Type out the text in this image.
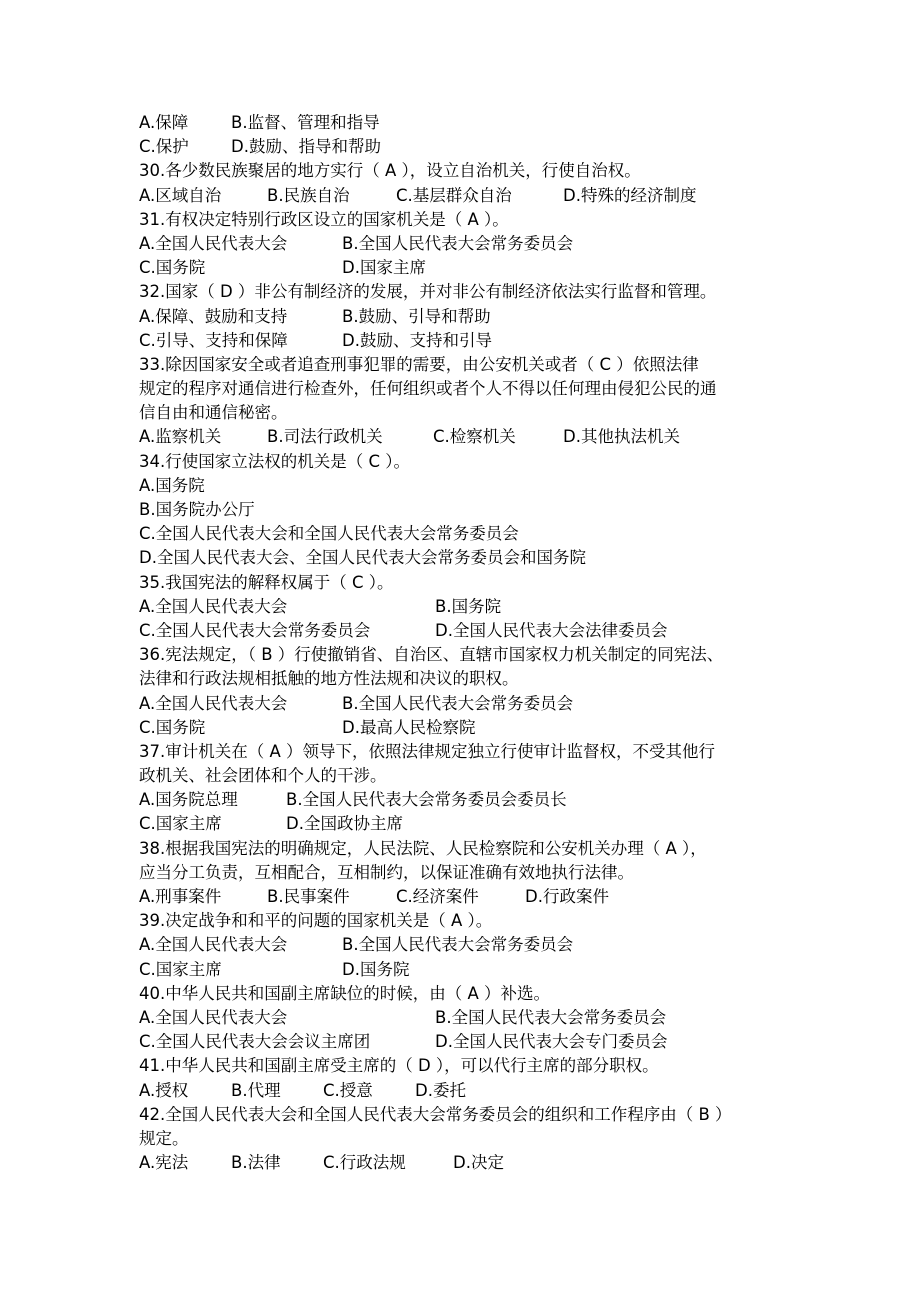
A.保障	B.监督、管理和指导
C.保护	D.鼓励、指导和帮助
30.各少数民族聚居的地方实行（ A ），设立自治机关，行使自治权。
A.区域自治	B.民族自治	C.基层群众自治	D.特殊的经济制度
31.有权决定特别行政区设立的国家机关是（ A ）。
A.全国人民代表大会	B.全国人民代表大会常务委员会
C.国务院	D.国家主席
32.国家（ D ）非公有制经济的发展，并对非公有制经济依法实行监督和管理。
A.保障、鼓励和支持	B.鼓励、引导和帮助
C.引导、支持和保障	D.鼓励、支持和引导
33.除因国家安全或者追查刑事犯罪的需要，由公安机关或者（ C ）依照法律
规定的程序对通信进行检查外，任何组织或者个人不得以任何理由侵犯公民的通
信自由和通信秘密。
A.监察机关	B.司法行政机关	C.检察机关	D.其他执法机关
34.行使国家立法权的机关是（ C ）。
A.国务院
B.国务院办公厅
C.全国人民代表大会和全国人民代表大会常务委员会
D.全国人民代表大会、全国人民代表大会常务委员会和国务院
35.我国宪法的解释权属于（ C ）。
A.全国人民代表大会	B.国务院
C.全国人民代表大会常务委员会	D.全国人民代表大会法律委员会
36.宪法规定，（ B ）行使撤销省、自治区、直辖市国家权力机关制定的同宪法、
法律和行政法规相抵触的地方性法规和决议的职权。
A.全国人民代表大会	B.全国人民代表大会常务委员会
C.国务院	D.最高人民检察院
37.审计机关在（ A ）领导下，依照法律规定独立行使审计监督权，不受其他行
政机关、社会团体和个人的干涉。
A.国务院总理	B.全国人民代表大会常务委员会委员长
C.国家主席	D.全国政协主席
38.根据我国宪法的明确规定，人民法院、人民检察院和公安机关办理（ A ），
应当分工负责，互相配合，互相制约，以保证准确有效地执行法律。
A.刑事案件	B.民事案件	C.经济案件	D.行政案件
39.决定战争和和平的问题的国家机关是（ A ）。
A.全国人民代表大会	B.全国人民代表大会常务委员会
C.国家主席	D.国务院
40.中华人民共和国副主席缺位的时候，由（ A ）补选。
A.全国人民代表大会	B.全国人民代表大会常务委员会
C.全国人民代表大会会议主席团	D.全国人民代表大会专门委员会
41.中华人民共和国副主席受主席的（ D ），可以代行主席的部分职权。
A.授权	B.代理	C.授意	D.委托
42.全国人民代表大会和全国人民代表大会常务委员会的组织和工作程序由（ B ）
规定。
A.宪法	B.法律	C.行政法规	D.决定
